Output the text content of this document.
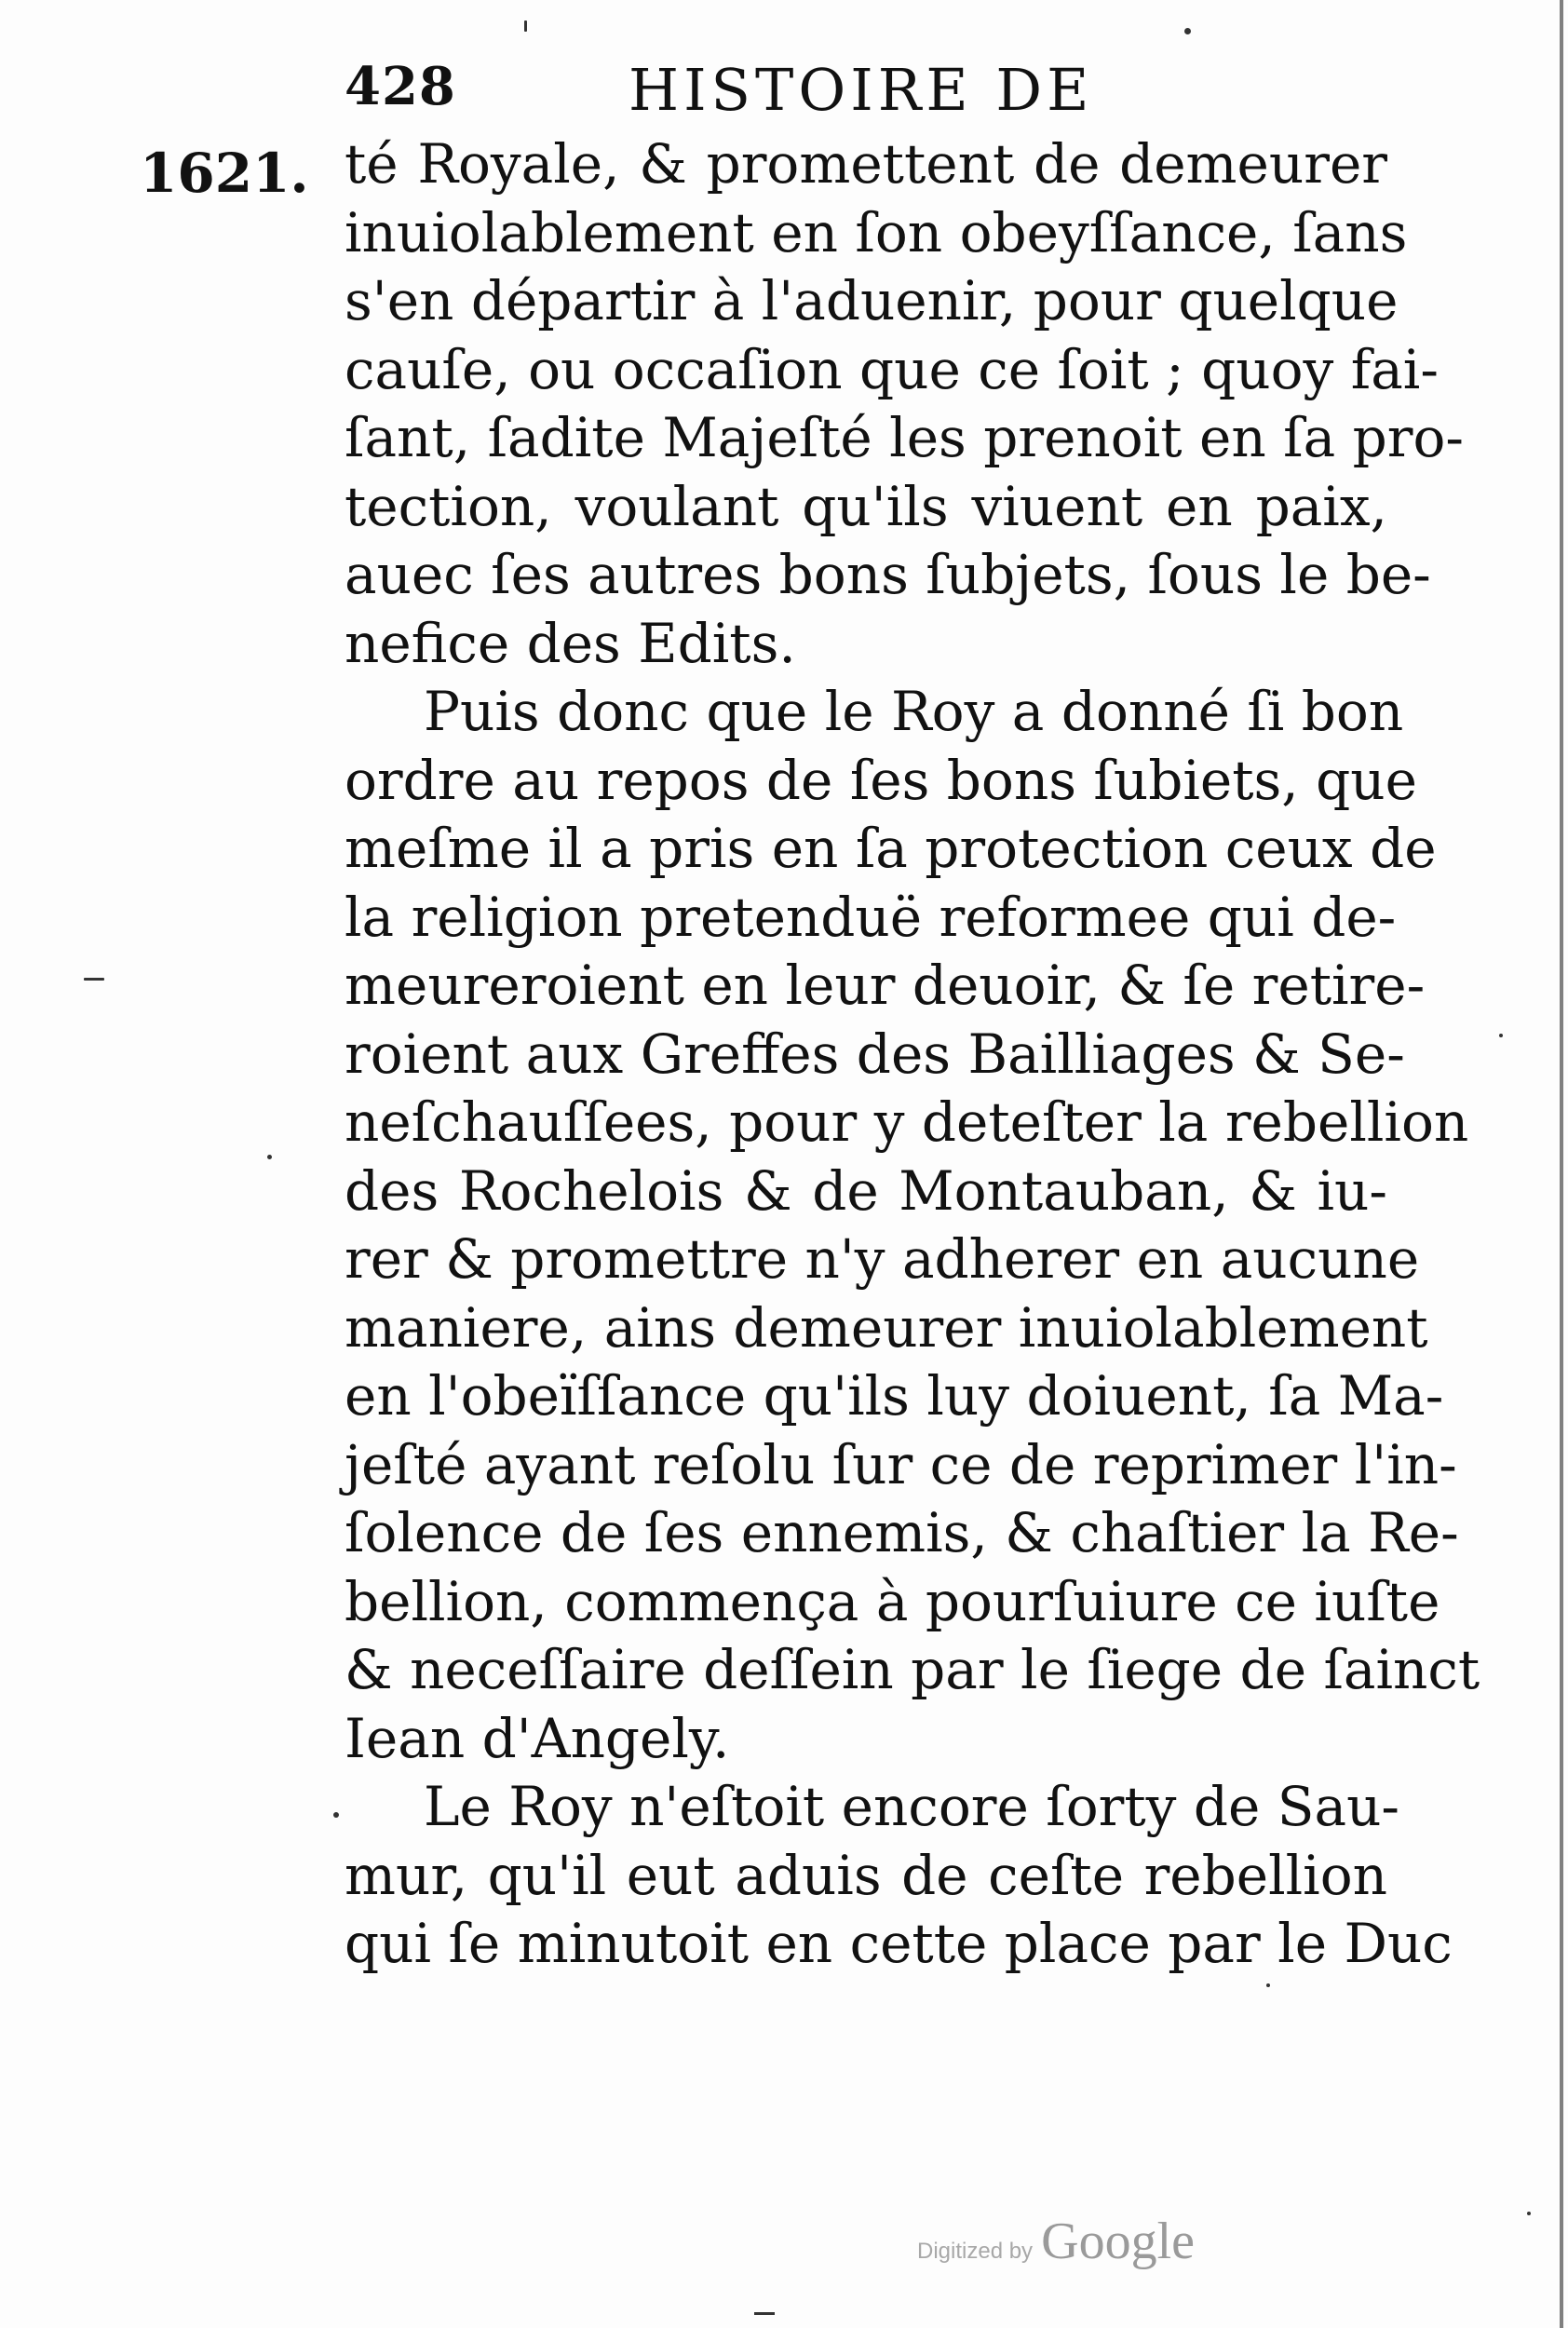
428	HISTOIRE DE
1621. té Royale, & promettent de demeurer
inuiolablement en ſon obeyſſance, ſans
s'en départir à l'aduenir, pour quelque
cauſe, ou occaſion que ce ſoit ; quoy fai-
ſant, ſadite Majeſté les prenoit en ſa pro-
tection, voulant qu'ils viuent en paix,
auec ſes autres bons ſubjets, ſous le be-
nefice des Edits.
Puis donc que le Roy a donné ſi bon
ordre au repos de ſes bons ſubiets, que
meſme il a pris en ſa protection ceux de
la religion pretenduë reformee qui de-
meureroient en leur deuoir, & ſe retire-
roient aux Greffes des Bailliages & Se-
neſchauſſees, pour y deteſter la rebellion
des Rochelois & de Montauban, & iu-
rer & promettre n'y adherer en aucune
maniere, ains demeurer inuiolablement
en l'obeïſſance qu'ils luy doiuent, ſa Ma-
jeſté ayant reſolu ſur ce de reprimer l'in-
ſolence de ſes ennemis, & chaſtier la Re-
bellion, commença à pourſuiure ce iuſte
& neceſſaire deſſein par le ſiege de ſainct
Iean d'Angely.
Le Roy n'eſtoit encore ſorty de Sau-
mur, qu'il eut aduis de ceſte rebellion
qui ſe minutoit en cette place par le Duc
Digitized by Google
